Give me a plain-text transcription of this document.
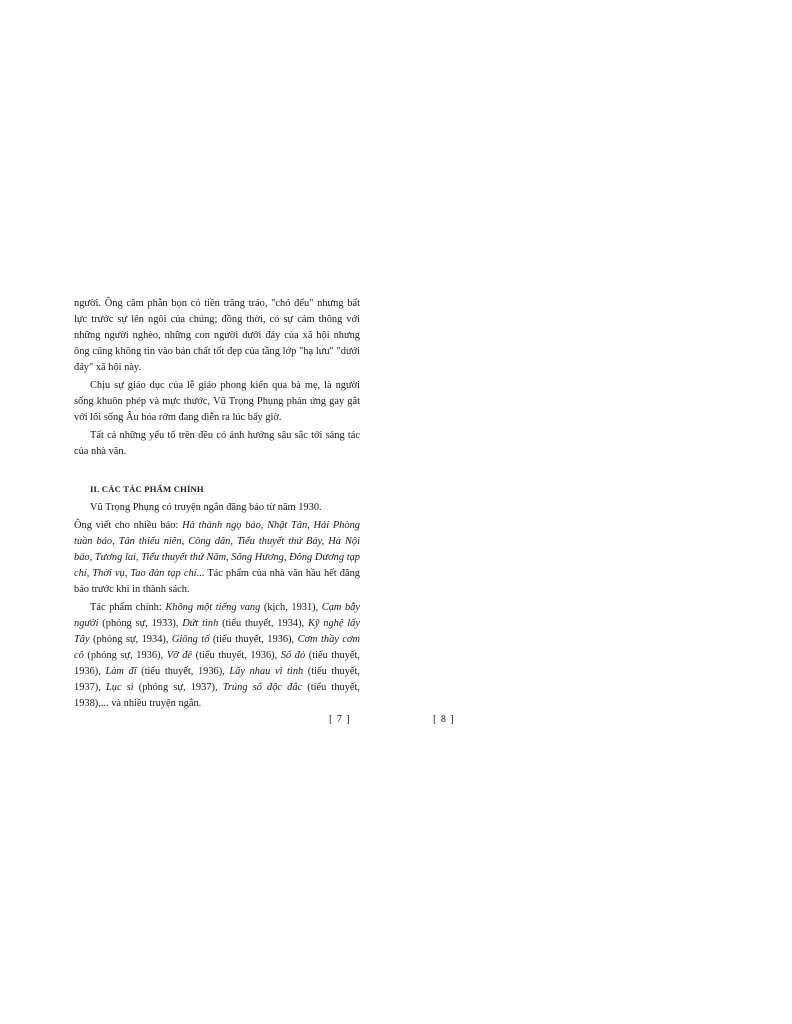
người. Ông căm phẫn bọn có tiền trâng tráo, "chó đểu" nhưng bất lực trước sự lên ngôi của chúng; đồng thời, có sự cảm thông với những người nghèo, những con người dưới đáy của xã hội nhưng ông cũng không tin vào bản chất tốt đẹp của tầng lớp "hạ lưu" "dưới đáy" xã hội này.

Chịu sự giáo dục của lễ giáo phong kiến qua bà mẹ, là người sống khuôn phép và mực thước, Vũ Trọng Phụng phản ứng gay gắt với lối sống Âu hóa rởm đang diễn ra lúc bấy giờ.

Tất cả những yếu tố trên đều có ảnh hưởng sâu sắc tới sáng tác của nhà văn.

II. CÁC TÁC PHẨM CHÍNH

Vũ Trọng Phụng có truyện ngắn đăng báo từ năm 1930.

Ông viết cho nhiều báo: Hà thành ngọ báo, Nhật Tân, Hải Phòng tuần báo, Tân thiếu niên, Công dân, Tiểu thuyết thứ Bảy, Hà Nội báo, Tương lai, Tiểu thuyết thứ Năm, Sông Hương, Đông Dương tạp chí, Thời vụ, Tao đàn tạp chí... Tác phẩm của nhà văn hầu hết đăng báo trước khi in thành sách.

Tác phẩm chính: Không một tiếng vang (kịch, 1931), Cạm bẫy người (phóng sự, 1933), Dứt tình (tiểu thuyết, 1934), Kỹ nghệ lấy Tây (phóng sự, 1934), Giông tố (tiểu thuyết, 1936), Cơm thầy cơm cô (phóng sự, 1936), Vỡ đê (tiểu thuyết, 1936), Số đỏ (tiểu thuyết, 1936), Làm đĩ (tiểu thuyết, 1936), Lấy nhau vì tình (tiểu thuyết, 1937), Lục sì (phóng sự, 1937), Trúng số độc đắc (tiểu thuyết, 1938),... và nhiều truyện ngắn.

[ 7 ]	[ 8 ]
